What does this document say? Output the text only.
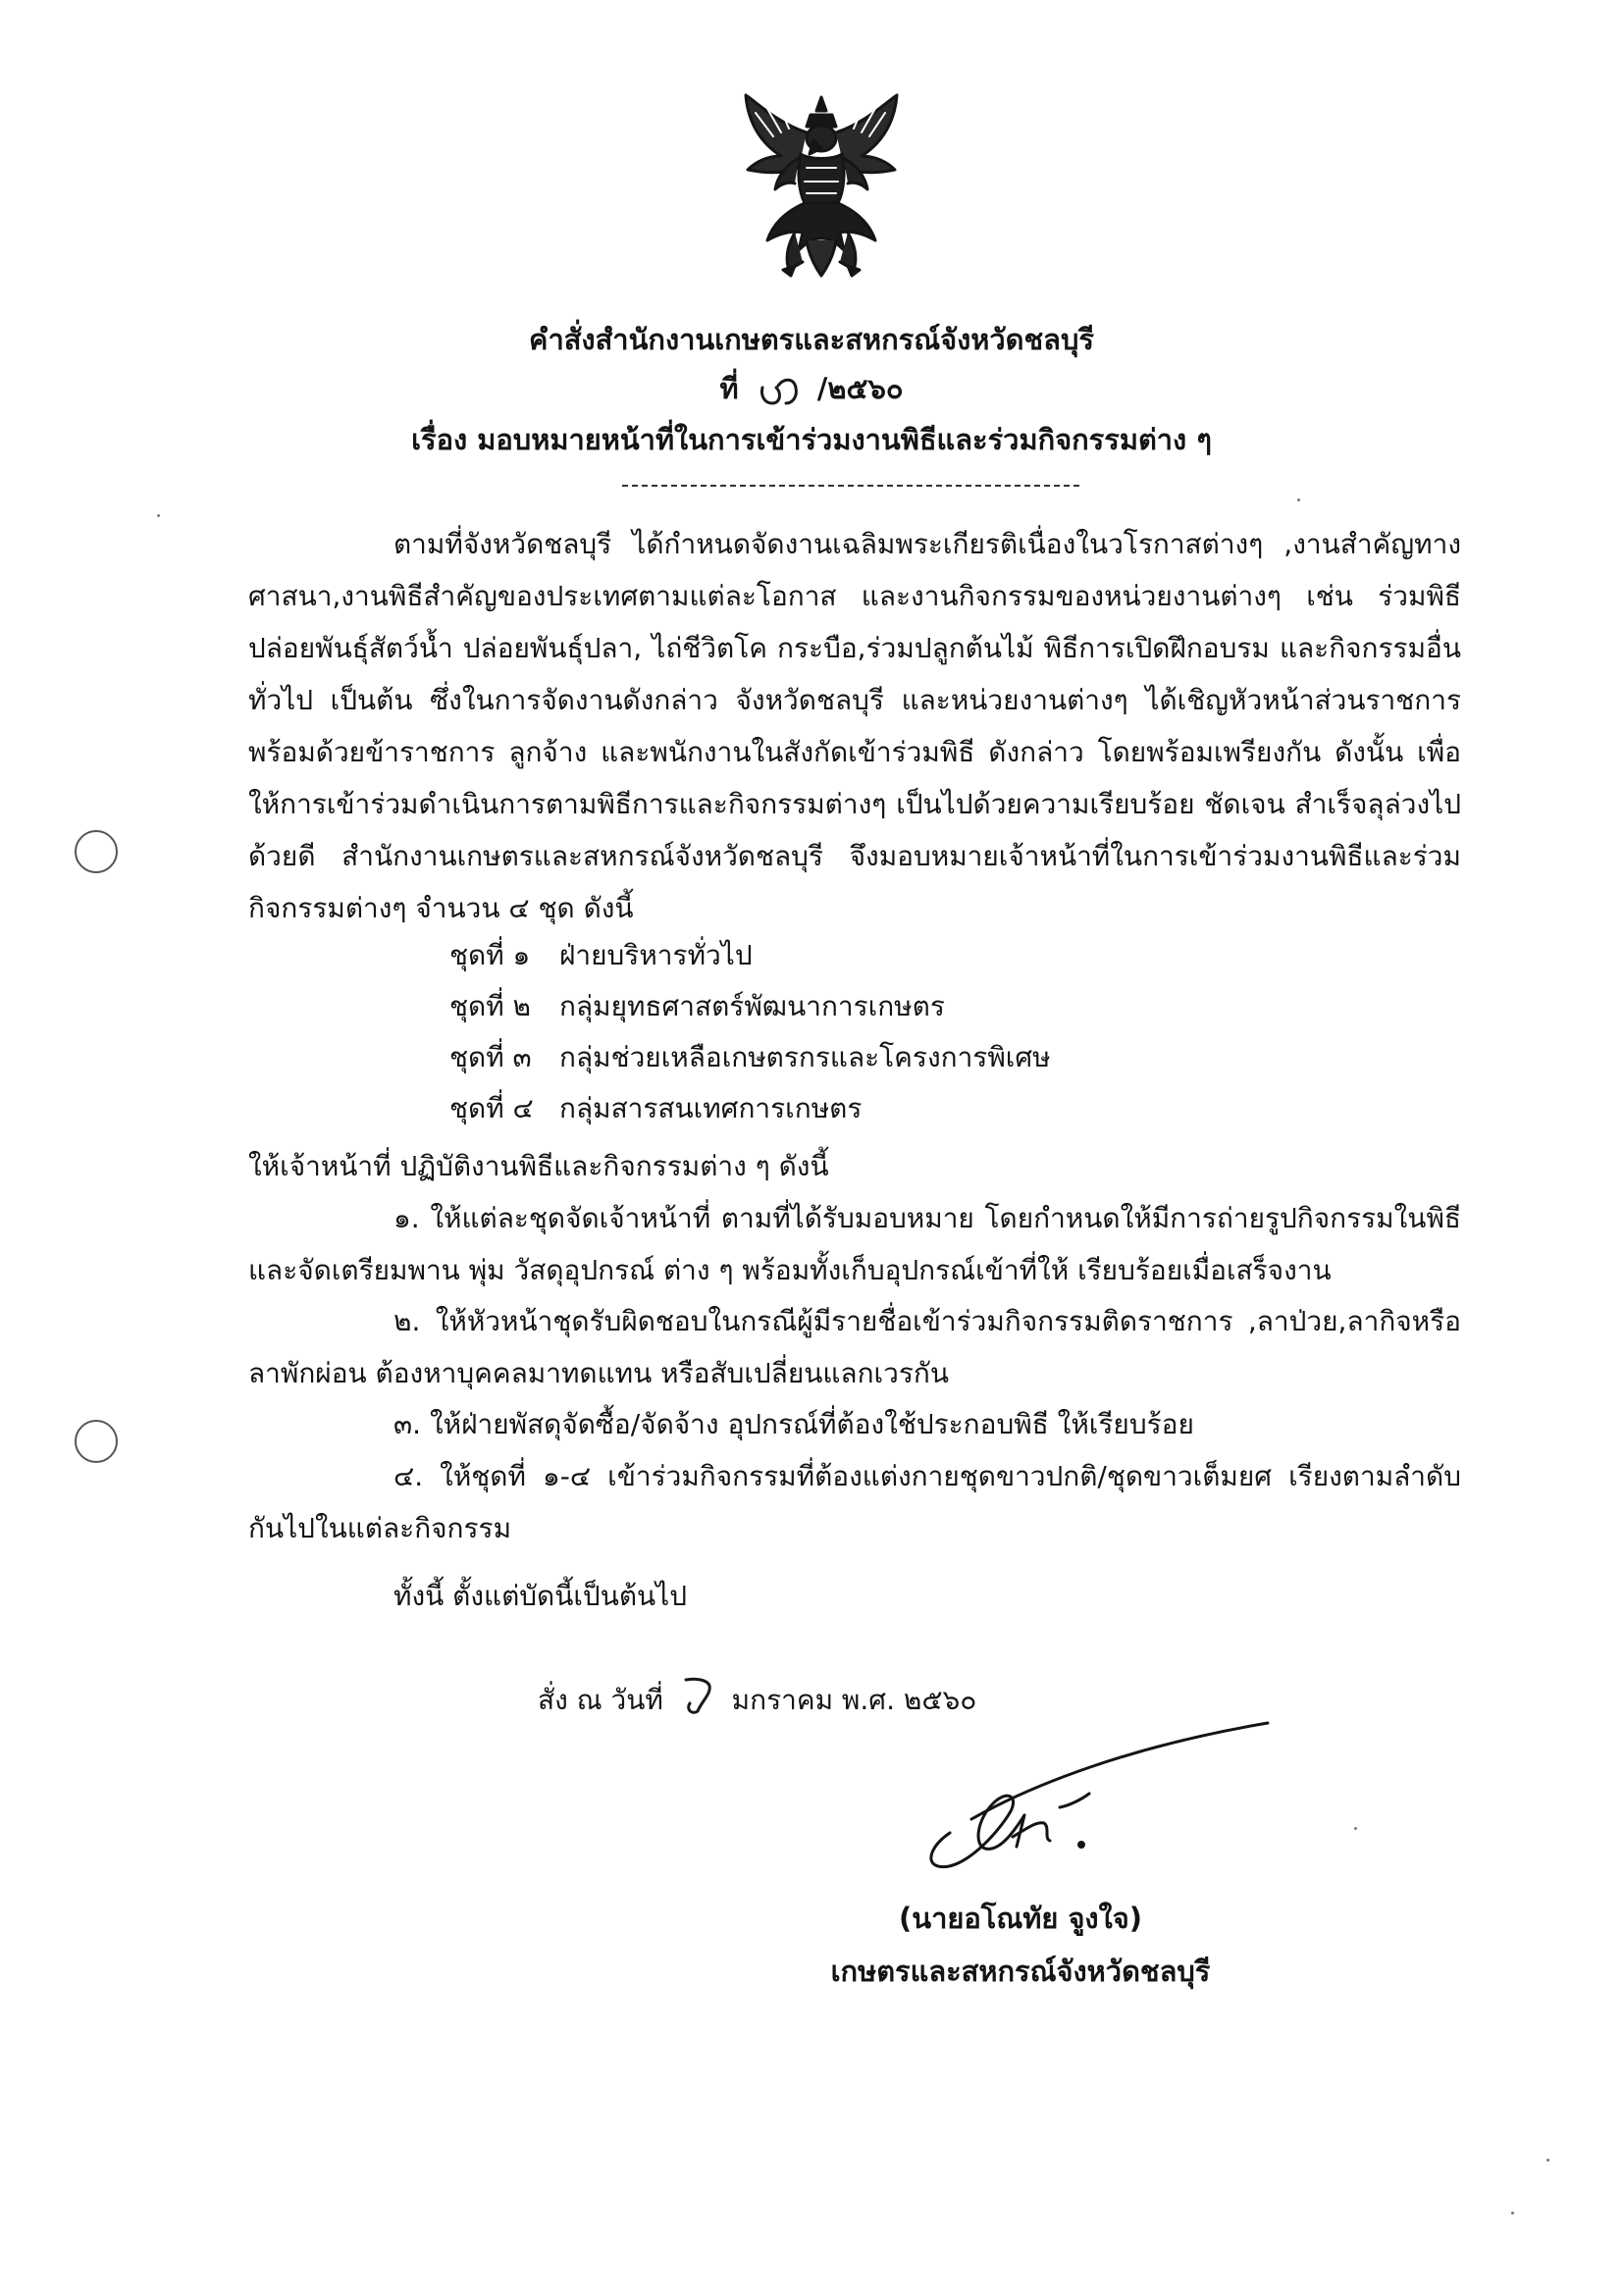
คำสั่งสำนักงานเกษตรและสหกรณ์จังหวัดชลบุรี
ที่	/๒๕๖๐
เรื่อง มอบหมายหน้าที่ในการเข้าร่วมงานพิธีและร่วมกิจกรรมต่าง ๆ
ตามที่จังหวัดชลบุรี ได้กำหนดจัดงานเฉลิมพระเกียรติเนื่องในวโรกาสต่างๆ ,งานสำคัญทางศาสนา,งานพิธีสำคัญของประเทศตามแต่ละโอกาส และงานกิจกรรมของหน่วยงานต่างๆ เช่น ร่วมพิธีปล่อยพันธุ์สัตว์น้ำ ปล่อยพันธุ์ปลา, ไถ่ชีวิตโค กระบือ,ร่วมปลูกต้นไม้ พิธีการเปิดฝึกอบรม และกิจกรรมอื่นทั่วไป เป็นต้น ซึ่งในการจัดงานดังกล่าว จังหวัดชลบุรี และหน่วยงานต่างๆ ได้เชิญหัวหน้าส่วนราชการพร้อมด้วยข้าราชการ ลูกจ้าง และพนักงานในสังกัดเข้าร่วมพิธี ดังกล่าว โดยพร้อมเพรียงกัน ดังนั้น เพื่อให้การเข้าร่วมดำเนินการตามพิธีการและกิจกรรมต่างๆ เป็นไปด้วยความเรียบร้อย ชัดเจน สำเร็จลุล่วงไปด้วยดี สำนักงานเกษตรและสหกรณ์จังหวัดชลบุรี จึงมอบหมายเจ้าหน้าที่ในการเข้าร่วมงานพิธีและร่วมกิจกรรมต่างๆ จำนวน ๔ ชุด ดังนี้
ชุดที่ ๑ ฝ่ายบริหารทั่วไป
ชุดที่ ๒ กลุ่มยุทธศาสตร์พัฒนาการเกษตร
ชุดที่ ๓ กลุ่มช่วยเหลือเกษตรกรและโครงการพิเศษ
ชุดที่ ๔ กลุ่มสารสนเทศการเกษตร
ให้เจ้าหน้าที่ ปฏิบัติงานพิธีและกิจกรรมต่าง ๆ ดังนี้
๑. ให้แต่ละชุดจัดเจ้าหน้าที่ ตามที่ได้รับมอบหมาย โดยกำหนดให้มีการถ่ายรูปกิจกรรมในพิธี และจัดเตรียมพาน พุ่ม วัสดุอุปกรณ์ ต่าง ๆ พร้อมทั้งเก็บอุปกรณ์เข้าที่ให้ เรียบร้อยเมื่อเสร็จงาน
๒. ให้หัวหน้าชุดรับผิดชอบในกรณีผู้มีรายชื่อเข้าร่วมกิจกรรมติดราชการ ,ลาป่วย,ลากิจหรือลาพักผ่อน ต้องหาบุคคลมาทดแทน หรือสับเปลี่ยนแลกเวรกัน
๓. ให้ฝ่ายพัสดุจัดซื้อ/จัดจ้าง อุปกรณ์ที่ต้องใช้ประกอบพิธี ให้เรียบร้อย
๔. ให้ชุดที่ ๑-๔ เข้าร่วมกิจกรรมที่ต้องแต่งกายชุดขาวปกติ/ชุดขาวเต็มยศ เรียงตามลำดับกันไปในแต่ละกิจกรรม
ทั้งนี้ ตั้งแต่บัดนี้เป็นต้นไป
สั่ง ณ วันที่ มกราคม พ.ศ. ๒๕๖๐
(นายอโณทัย จูงใจ)
เกษตรและสหกรณ์จังหวัดชลบุรี
